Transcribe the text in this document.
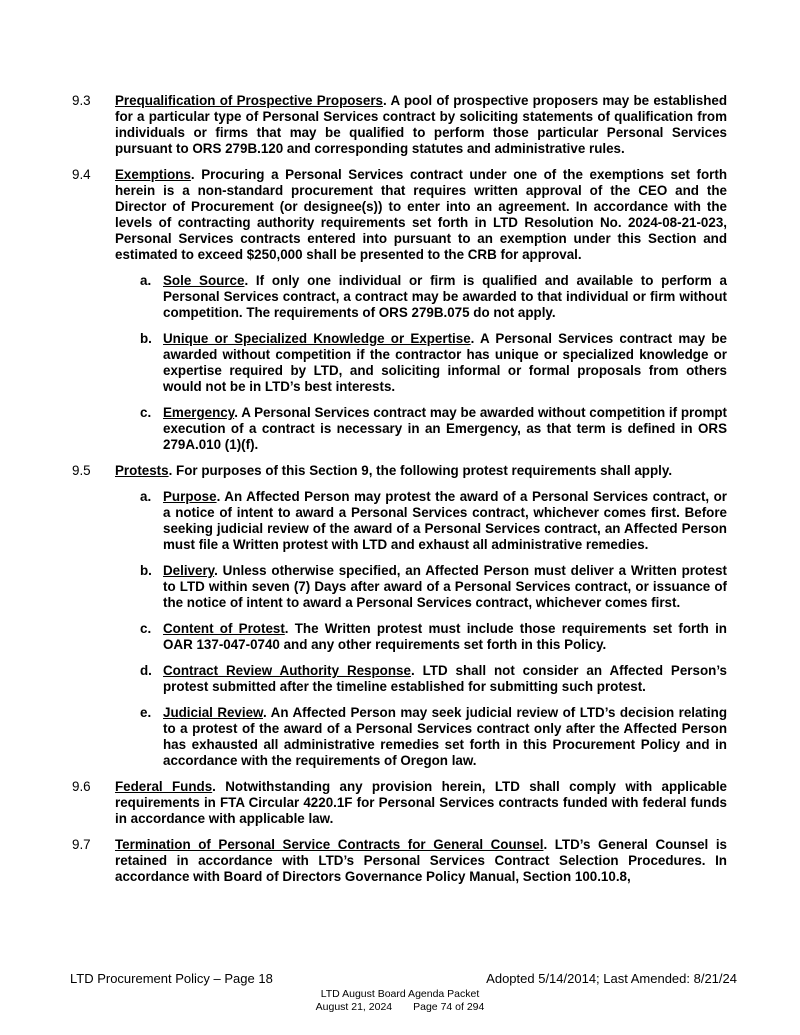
9.3	Prequalification of Prospective Proposers. A pool of prospective proposers may be established for a particular type of Personal Services contract by soliciting statements of qualification from individuals or firms that may be qualified to perform those particular Personal Services pursuant to ORS 279B.120 and corresponding statutes and administrative rules.

9.4	Exemptions. Procuring a Personal Services contract under one of the exemptions set forth herein is a non-standard procurement that requires written approval of the CEO and the Director of Procurement (or designee(s)) to enter into an agreement. In accordance with the levels of contracting authority requirements set forth in LTD Resolution No. 2024-08-21-023, Personal Services contracts entered into pursuant to an exemption under this Section and estimated to exceed $250,000 shall be presented to the CRB for approval.

a. Sole Source. If only one individual or firm is qualified and available to perform a Personal Services contract, a contract may be awarded to that individual or firm without competition. The requirements of ORS 279B.075 do not apply.

b. Unique or Specialized Knowledge or Expertise. A Personal Services contract may be awarded without competition if the contractor has unique or specialized knowledge or expertise required by LTD, and soliciting informal or formal proposals from others would not be in LTD’s best interests.

c. Emergency. A Personal Services contract may be awarded without competition if prompt execution of a contract is necessary in an Emergency, as that term is defined in ORS 279A.010 (1)(f).

9.5	Protests. For purposes of this Section 9, the following protest requirements shall apply.

a. Purpose. An Affected Person may protest the award of a Personal Services contract, or a notice of intent to award a Personal Services contract, whichever comes first. Before seeking judicial review of the award of a Personal Services contract, an Affected Person must file a Written protest with LTD and exhaust all administrative remedies.

b. Delivery. Unless otherwise specified, an Affected Person must deliver a Written protest to LTD within seven (7) Days after award of a Personal Services contract, or issuance of the notice of intent to award a Personal Services contract, whichever comes first.

c. Content of Protest. The Written protest must include those requirements set forth in OAR 137-047-0740 and any other requirements set forth in this Policy.

d. Contract Review Authority Response. LTD shall not consider an Affected Person’s protest submitted after the timeline established for submitting such protest.

e. Judicial Review. An Affected Person may seek judicial review of LTD’s decision relating to a protest of the award of a Personal Services contract only after the Affected Person has exhausted all administrative remedies set forth in this Procurement Policy and in accordance with the requirements of Oregon law.

9.6	Federal Funds. Notwithstanding any provision herein, LTD shall comply with applicable requirements in FTA Circular 4220.1F for Personal Services contracts funded with federal funds in accordance with applicable law.

9.7	Termination of Personal Service Contracts for General Counsel. LTD’s General Counsel is retained in accordance with LTD’s Personal Services Contract Selection Procedures. In accordance with Board of Directors Governance Policy Manual, Section 100.10.8,

LTD Procurement Policy – Page 18	Adopted 5/14/2014; Last Amended: 8/21/24
LTD August Board Agenda Packet
August 21, 2024 Page 74 of 294
